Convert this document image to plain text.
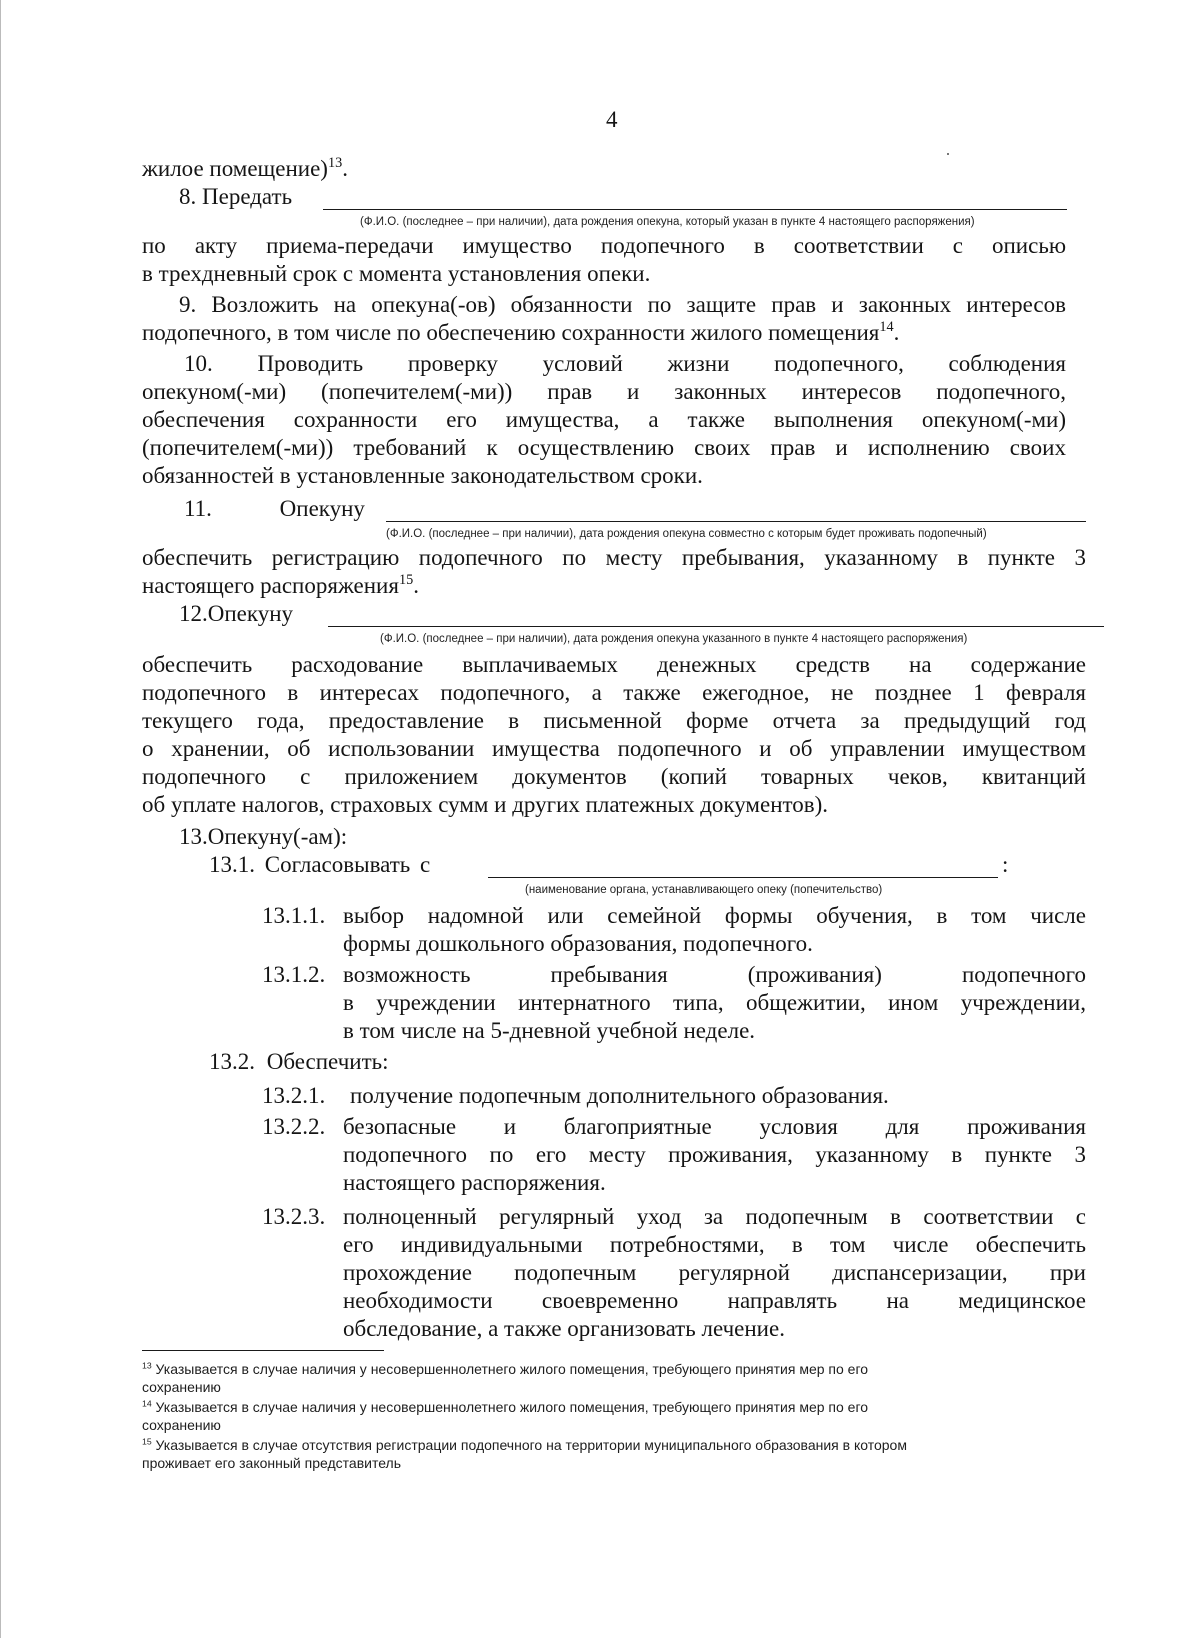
4
жилое помещение)$^{13}$.
8. Передать
(Ф.И.О. (последнее – при наличии), дата рождения опекуна, который указан в пункте 4 настоящего распоряжения)
по акту приема-передачи имущество подопечного в соответствии с описью
в трехдневный срок с момента установления опеки.
9. Возложить на опекуна(-ов) обязанности по защите прав и законных интересов
подопечного, в том числе по обеспечению сохранности жилого помещения$^{14}$.
10. Проводить проверку условий жизни подопечного, соблюдения
опекуном(-ми) (попечителем(-ми)) прав и законных интересов подопечного,
обеспечения сохранности его имущества, а также выполнения опекуном(-ми)
(попечителем(-ми)) требований к осуществлению своих прав и исполнению своих
обязанностей в установленные законодательством сроки.
11. Опекуну
(Ф.И.О. (последнее – при наличии), дата рождения опекуна совместно с которым будет проживать подопечный)
обеспечить регистрацию подопечного по месту пребывания, указанному в пункте 3
настоящего распоряжения$^{15}$.
12.Опекуну
(Ф.И.О. (последнее – при наличии), дата рождения опекуна указанного в пункте 4 настоящего распоряжения)
обеспечить расходование выплачиваемых денежных средств на содержание
подопечного в интересах подопечного, а также ежегодное, не позднее 1 февраля
текущего года, предоставление в письменной форме отчета за предыдущий год
о хранении, об использовании имущества подопечного и об управлении имуществом
подопечного с приложением документов (копий товарных чеков, квитанций
об уплате налогов, страховых сумм и других платежных документов).
13.Опекуну(-ам):
13.1. Согласовывать с	:
(наименование органа, устанавливающего опеку (попечительство)
13.1.1. выбор надомной или семейной формы обучения, в том числе
формы дошкольного образования, подопечного.
13.1.2. возможность пребывания (проживания) подопечного
в учреждении интернатного типа, общежитии, ином учреждении,
в том числе на 5-дневной учебной неделе.
13.2. Обеспечить:
13.2.1. получение подопечным дополнительного образования.
13.2.2. безопасные и благоприятные условия для проживания
подопечного по его месту проживания, указанному в пункте 3
настоящего распоряжения.
13.2.3. полноценный регулярный уход за подопечным в соответствии с
его индивидуальными потребностями, в том числе обеспечить
прохождение подопечным регулярной диспансеризации, при
необходимости своевременно направлять на медицинское
обследование, а также организовать лечение.
$^{13}$ Указывается в случае наличия у несовершеннолетнего жилого помещения, требующего принятия мер по его
сохранению
$^{14}$ Указывается в случае наличия у несовершеннолетнего жилого помещения, требующего принятия мер по его
сохранению
$^{15}$ Указывается в случае отсутствия регистрации подопечного на территории муниципального образования в котором
проживает его законный представитель
